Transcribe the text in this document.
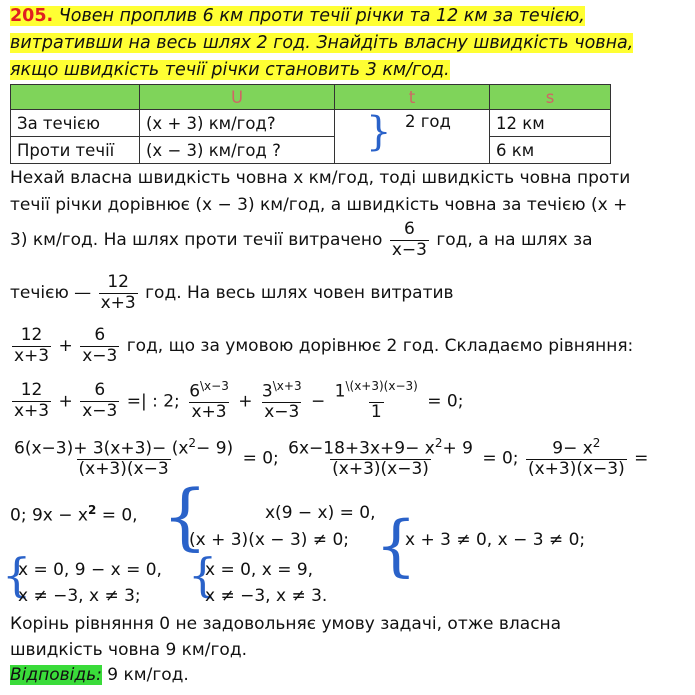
205. Човен проплив 6 км проти течії річки та 12 км за течією,
витративши на весь шлях 2 год. Знайдіть власну швидкість човна,
якщо швидкість течії річки становить 3 км/год.
	U	t	s
За течією	(x + 3) км/год?	2 год	12 км
Проти течії	(x − 3) км/год ?		6 км
}
Нехай власна швидкість човна x км/год, тоді швидкість човна проти
течії річки дорівнює (x − 3) км/год, а швидкість човна за течією (x +
3) км/год. На шлях проти течії витрачено $\frac{6}{x-3}$ год, а на шлях за
течією — $\frac{12}{x+3}$ год. На весь шлях човен витратив
$\frac{12}{x+3} + \frac{6}{x-3}$ год, що за умовою дорівнює 2 год. Складаємо рівняння:
$\frac{12}{x+3} + \frac{6}{x-3}$ =| : 2; $\frac{6^{\backslash x-3}}{x+3} + \frac{3^{\backslash x+3}}{x-3} - \frac{1^{\backslash(x+3)(x-3)}}{1} = 0$;
$\frac{6(x-3)+ 3(x+3)- (x^2- 9)}{(x+3)(x-3} = 0$; $\frac{6x-18+3x+9- x^2+ 9}{(x+3)(x-3)} = 0$; $\frac{9- x^2}{(x+3)(x-3)}$ =
0; $9x - x^2 = 0$, {	x(9 − x) = 0,
(x + 3)(x − 3) ≠ 0; {
x + 3 ≠ 0, x − 3 ≠ 0;
{
x = 0, 9 − x = 0,
x ≠ −3, x ≠ 3; {
x = 0, x = 9,
x ≠ −3, x ≠ 3.
Корінь рівняння 0 не задовольняє умову задачі, отже власна
швидкість човна 9 км/год.
Відповідь: 9 км/год.
